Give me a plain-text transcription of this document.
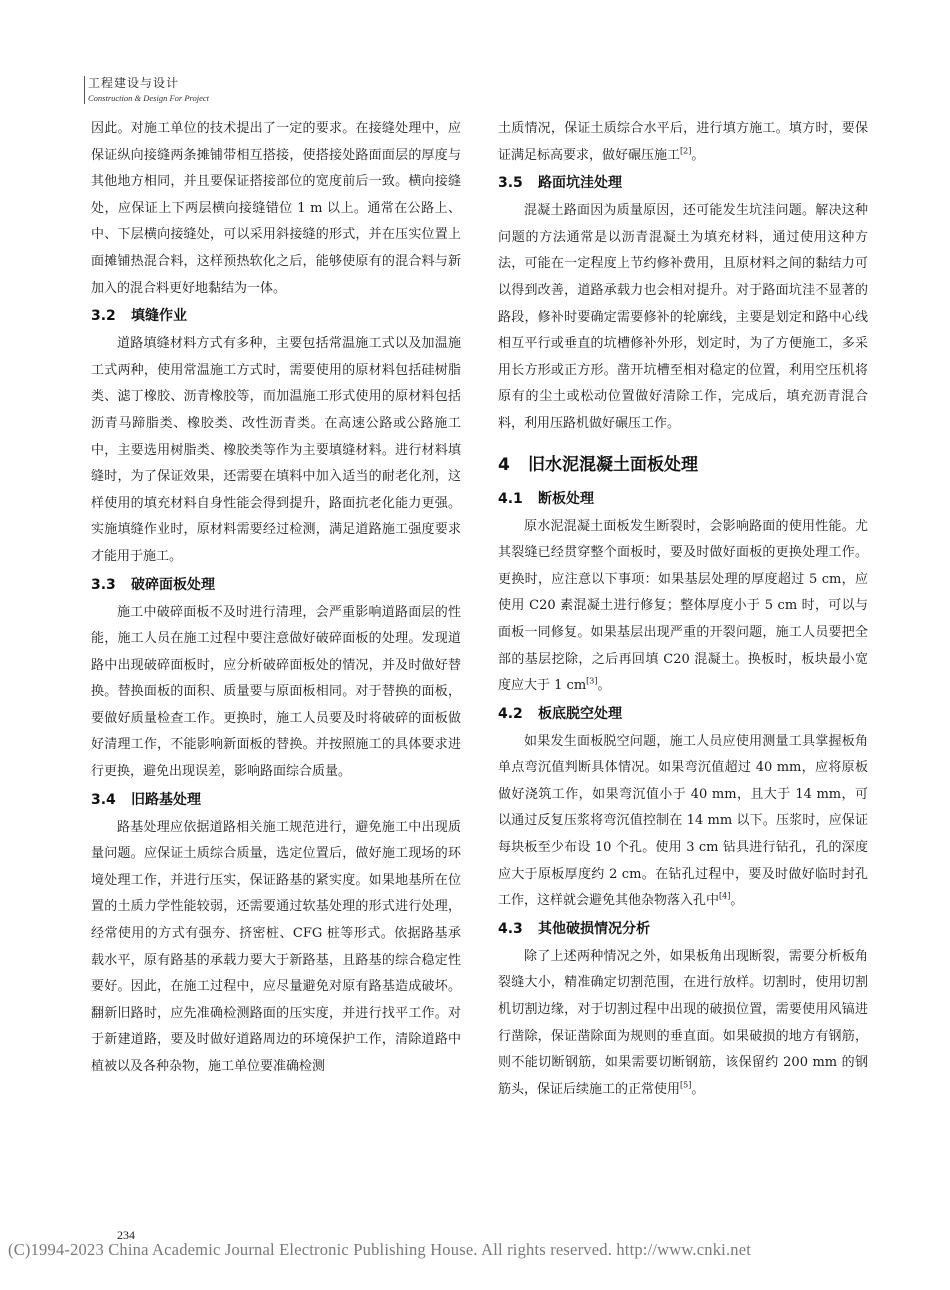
工程建设与设计
Construction & Design For Project

因此。对施工单位的技术提出了一定的要求。在接缝处理中，应保证纵向接缝两条摊铺带相互搭接，使搭接处路面面层的厚度与其他地方相同，并且要保证搭接部位的宽度前后一致。横向接缝处，应保证上下两层横向接缝错位 1 m 以上。通常在公路上、中、下层横向接缝处，可以采用斜接缝的形式，并在压实位置上面摊铺热混合料，这样预热软化之后，能够使原有的混合料与新加入的混合料更好地黏结为一体。

3.2 填缝作业

道路填缝材料方式有多种，主要包括常温施工式以及加温施工式两种，使用常温施工方式时，需要使用的原材料包括硅树脂类、滤丁橡胶、沥青橡胶等，而加温施工形式使用的原材料包括沥青马蹄脂类、橡胶类、改性沥青类。在高速公路或公路施工中，主要选用树脂类、橡胶类等作为主要填缝材料。进行材料填缝时，为了保证效果，还需要在填料中加入适当的耐老化剂，这样使用的填充材料自身性能会得到提升，路面抗老化能力更强。实施填缝作业时，原材料需要经过检测，满足道路施工强度要求才能用于施工。

3.3 破碎面板处理

施工中破碎面板不及时进行清理，会严重影响道路面层的性能，施工人员在施工过程中要注意做好破碎面板的处理。发现道路中出现破碎面板时，应分析破碎面板处的情况，并及时做好替换。替换面板的面积、质量要与原面板相同。对于替换的面板，要做好质量检查工作。更换时，施工人员要及时将破碎的面板做好清理工作，不能影响新面板的替换。并按照施工的具体要求进行更换，避免出现误差，影响路面综合质量。

3.4 旧路基处理

路基处理应依据道路相关施工规范进行，避免施工中出现质量问题。应保证土质综合质量，选定位置后，做好施工现场的环境处理工作，并进行压实，保证路基的紧实度。如果地基所在位置的土质力学性能较弱，还需要通过软基处理的形式进行处理，经常使用的方式有强夯、挤密桩、CFG 桩等形式。依据路基承载水平，原有路基的承载力要大于新路基，且路基的综合稳定性要好。因此，在施工过程中，应尽量避免对原有路基造成破坏。翻新旧路时，应先准确检测路面的压实度，并进行找平工作。对于新建道路，要及时做好道路周边的环境保护工作，清除道路中植被以及各种杂物，施工单位要准确检测

土质情况，保证土质综合水平后，进行填方施工。填方时，要保证满足标高要求，做好碾压施工[2]。

3.5 路面坑洼处理

混凝土路面因为质量原因，还可能发生坑洼问题。解决这种问题的方法通常是以沥青混凝土为填充材料，通过使用这种方法，可能在一定程度上节约修补费用，且原材料之间的黏结力可以得到改善，道路承载力也会相对提升。对于路面坑洼不显著的路段，修补时要确定需要修补的轮廓线，主要是划定和路中心线相互平行或垂直的坑槽修补外形，划定时，为了方便施工，多采用长方形或正方形。凿开坑槽至相对稳定的位置，利用空压机将原有的尘土或松动位置做好清除工作，完成后，填充沥青混合料，利用压路机做好碾压工作。

4 旧水泥混凝土面板处理
4.1 断板处理

原水泥混凝土面板发生断裂时，会影响路面的使用性能。尤其裂缝已经贯穿整个面板时，要及时做好面板的更换处理工作。更换时，应注意以下事项：如果基层处理的厚度超过 5 cm，应使用 C20 素混凝土进行修复；整体厚度小于 5 cm 时，可以与面板一同修复。如果基层出现严重的开裂问题，施工人员要把全部的基层挖除，之后再回填 C20 混凝土。换板时，板块最小宽度应大于 1 cm[3]。

4.2 板底脱空处理

如果发生面板脱空问题，施工人员应使用测量工具掌握板角单点弯沉值判断具体情况。如果弯沉值超过 40 mm，应将原板做好浇筑工作，如果弯沉值小于 40 mm，且大于 14 mm，可以通过反复压浆将弯沉值控制在 14 mm 以下。压浆时，应保证每块板至少布设 10 个孔。使用 3 cm 钻具进行钻孔，孔的深度应大于原板厚度约 2 cm。在钻孔过程中，要及时做好临时封孔工作，这样就会避免其他杂物落入孔中[4]。

4.3 其他破损情况分析

除了上述两种情况之外，如果板角出现断裂，需要分析板角裂缝大小，精准确定切割范围，在进行放样。切割时，使用切割机切割边缘，对于切割过程中出现的破损位置，需要使用风镐进行凿除，保证凿除面为规则的垂直面。如果破损的地方有钢筋，则不能切断钢筋，如果需要切断钢筋，该保留约 200 mm 的钢筋头，保证后续施工的正常使用[5]。

234
(C)1994-2023 China Academic Journal Electronic Publishing House. All rights reserved. http://www.cnki.net
